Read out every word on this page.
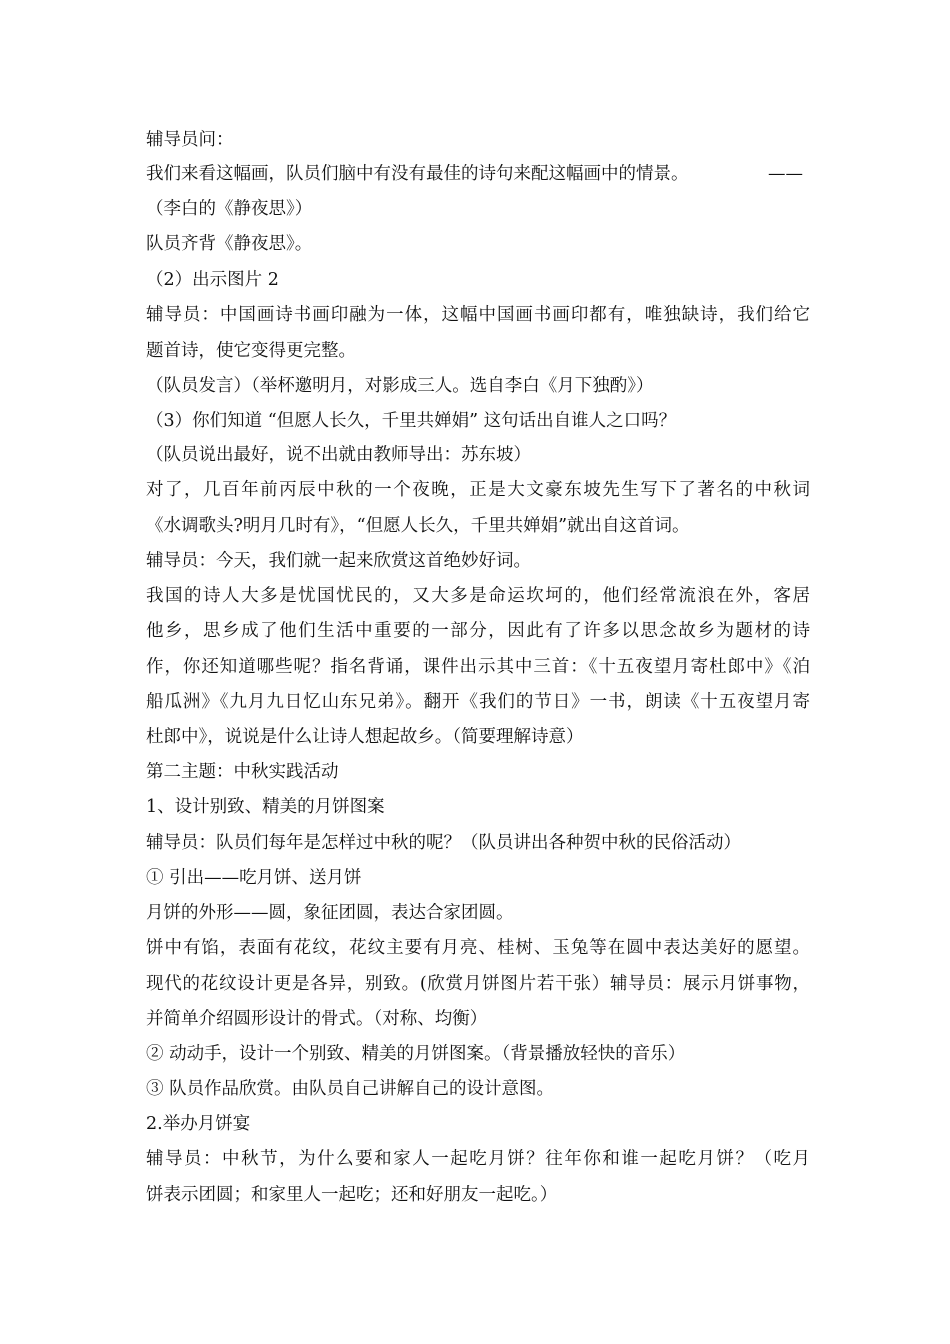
辅导员问：
我们来看这幅画，队员们脑中有没有最佳的诗句来配这幅画中的情景。	——
（李白的《静夜思》）
队员齐背《静夜思》。
（2）出示图片 2
辅导员：中国画诗书画印融为一体，这幅中国画书画印都有，唯独缺诗，我们给它
题首诗，使它变得更完整。
（队员发言）（举杯邀明月，对影成三人。选自李白《月下独酌》）
（3）你们知道 “但愿人长久，千里共婵娟” 这句话出自谁人之口吗？
（队员说出最好，说不出就由教师导出：苏东坡）
对了，几百年前丙辰中秋的一个夜晚，正是大文豪东坡先生写下了著名的中秋词
《水调歌头?明月几时有》，“但愿人长久，千里共婵娟”就出自这首词。
辅导员：今天，我们就一起来欣赏这首绝妙好词。
我国的诗人大多是忧国忧民的，又大多是命运坎坷的，他们经常流浪在外，客居
他乡，思乡成了他们生活中重要的一部分，因此有了许多以思念故乡为题材的诗
作，你还知道哪些呢？指名背诵，课件出示其中三首：《十五夜望月寄杜郎中》《泊
船瓜洲》《九月九日忆山东兄弟》。翻开《我们的节日》一书，朗读《十五夜望月寄
杜郎中》，说说是什么让诗人想起故乡。（简要理解诗意）
第二主题：中秋实践活动
1、设计别致、精美的月饼图案
辅导员：队员们每年是怎样过中秋的呢？（队员讲出各种贺中秋的民俗活动）
① 引出——吃月饼、送月饼
月饼的外形——圆，象征团圆，表达合家团圆。
饼中有馅，表面有花纹，花纹主要有月亮、桂树、玉兔等在圆中表达美好的愿望。
现代的花纹设计更是各异，别致。(欣赏月饼图片若干张）辅导员：展示月饼事物，
并简单介绍圆形设计的骨式。（对称、均衡）
② 动动手，设计一个别致、精美的月饼图案。（背景播放轻快的音乐）
③ 队员作品欣赏。由队员自己讲解自己的设计意图。
2.举办月饼宴
辅导员：中秋节，为什么要和家人一起吃月饼？往年你和谁一起吃月饼？（吃月
饼表示团圆；和家里人一起吃；还和好朋友一起吃。）
